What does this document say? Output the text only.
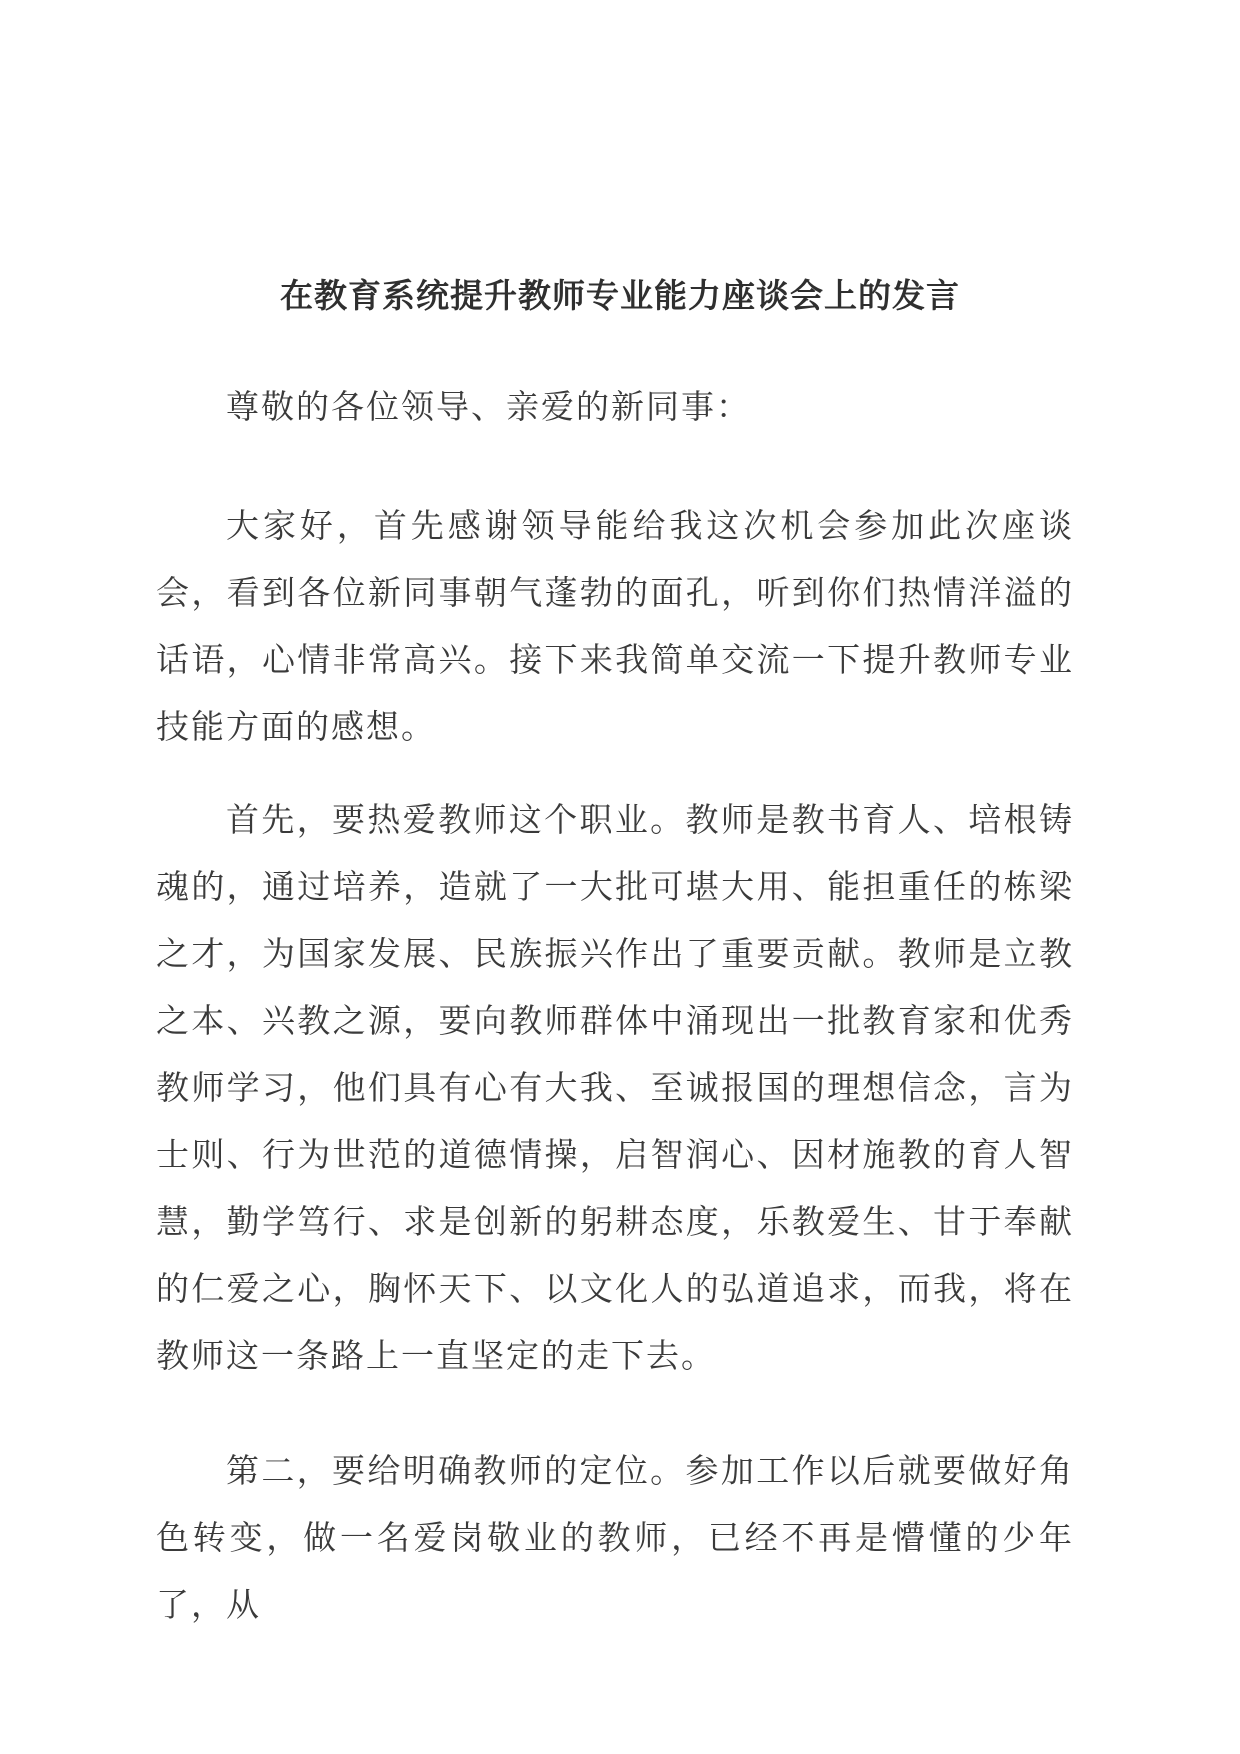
在教育系统提升教师专业能力座谈会上的发言
尊敬的各位领导、亲爱的新同事：

大家好，首先感谢领导能给我这次机会参加此次座谈会，看到各位新同事朝气蓬勃的面孔，听到你们热情洋溢的话语，心情非常高兴。接下来我简单交流一下提升教师专业技能方面的感想。

首先，要热爱教师这个职业。教师是教书育人、培根铸魂的，通过培养，造就了一大批可堪大用、能担重任的栋梁之才，为国家发展、民族振兴作出了重要贡献。教师是立教之本、兴教之源，要向教师群体中涌现出一批教育家和优秀教师学习，他们具有心有大我、至诚报国的理想信念，言为士则、行为世范的道德情操，启智润心、因材施教的育人智慧，勤学笃行、求是创新的躬耕态度，乐教爱生、甘于奉献的仁爱之心，胸怀天下、以文化人的弘道追求，而我，将在教师这一条路上一直坚定的走下去。

第二，要给明确教师的定位。参加工作以后就要做好角色转变，做一名爱岗敬业的教师，已经不再是懵懂的少年了，从
